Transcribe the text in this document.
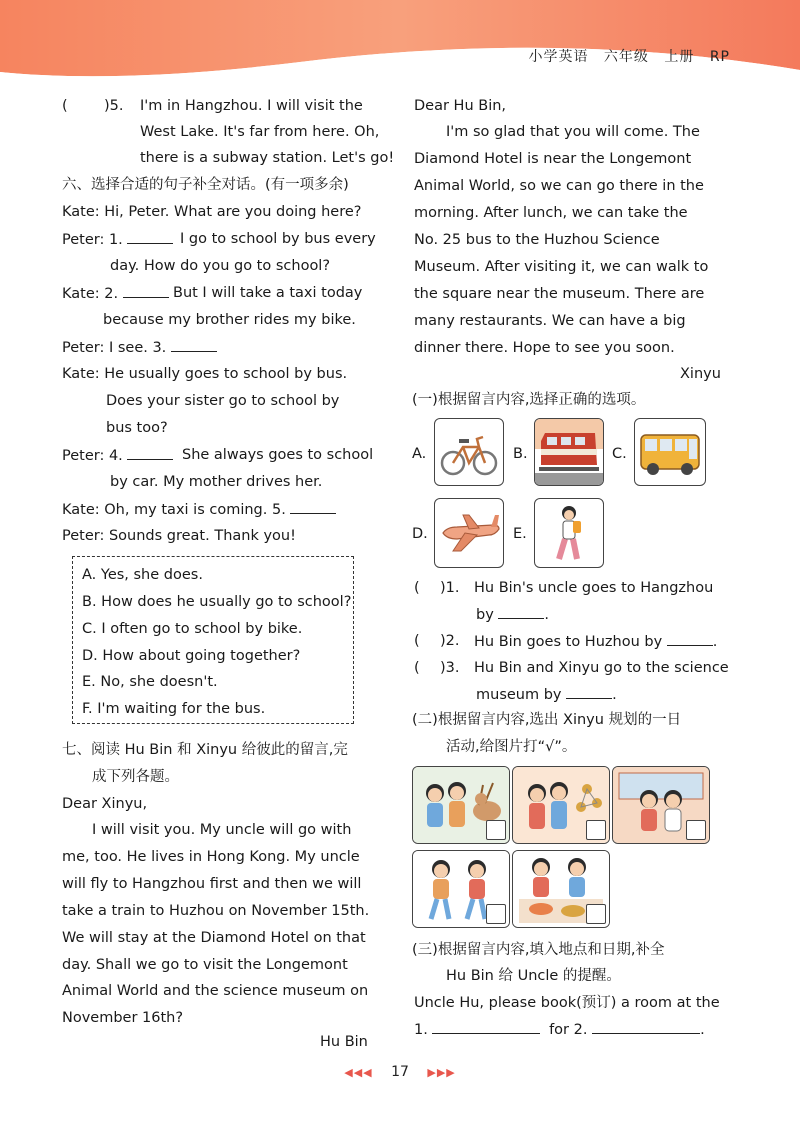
小学英语 六年级 上册 RP
(	)5. I'm in Hangzhou. I will visit the
West Lake. It's far from here. Oh,
there is a subway station. Let's go!
六、选择合适的句子补全对话。(有一项多余)
Kate: Hi, Peter. What are you doing here?
Peter: 1.	I go to school by bus every
day. How do you go to school?
Kate: 2.	But I will take a taxi today
because my brother rides my bike.
Peter: I see. 3.
Kate: He usually goes to school by bus.
Does your sister go to school by
bus too?
Peter: 4.	She always goes to school
by car. My mother drives her.
Kate: Oh, my taxi is coming. 5.
Peter: Sounds great. Thank you!
A. Yes, she does.
B. How does he usually go to school?
C. I often go to school by bike.
D. How about going together?
E. No, she doesn't.
F. I'm waiting for the bus.
七、阅读 Hu Bin 和 Xinyu 给彼此的留言,完
成下列各题。
Dear Xinyu,
I will visit you. My uncle will go with
me, too. He lives in Hong Kong. My uncle
will fly to Hangzhou first and then we will
take a train to Huzhou on November 15th.
We will stay at the Diamond Hotel on that
day. Shall we go to visit the Longemont
Animal World and the science museum on
November 16th?
Hu Bin
Dear Hu Bin,
I'm so glad that you will come. The
Diamond Hotel is near the Longemont
Animal World, so we can go there in the
morning. After lunch, we can take the
No. 25 bus to the Huzhou Science
Museum. After visiting it, we can walk to
the square near the museum. There are
many restaurants. We can have a big
dinner there. Hope to see you soon.
Xinyu
(一)根据留言内容,选择正确的选项。
A.	B.	C.
D.	E.
( )1. Hu Bin's uncle goes to Hangzhou
by	.
( )2. Hu Bin goes to Huzhou by	.
( )3. Hu Bin and Xinyu go to the science
museum by	.
(二)根据留言内容,选出 Xinyu 规划的一日
活动,给图片打“√”。
(三)根据留言内容,填入地点和日期,补全
Hu Bin 给 Uncle 的提醒。
Uncle Hu, please book(预订) a room at the
1.	for 2.	.
◀◀◀ 17 ▶▶▶
